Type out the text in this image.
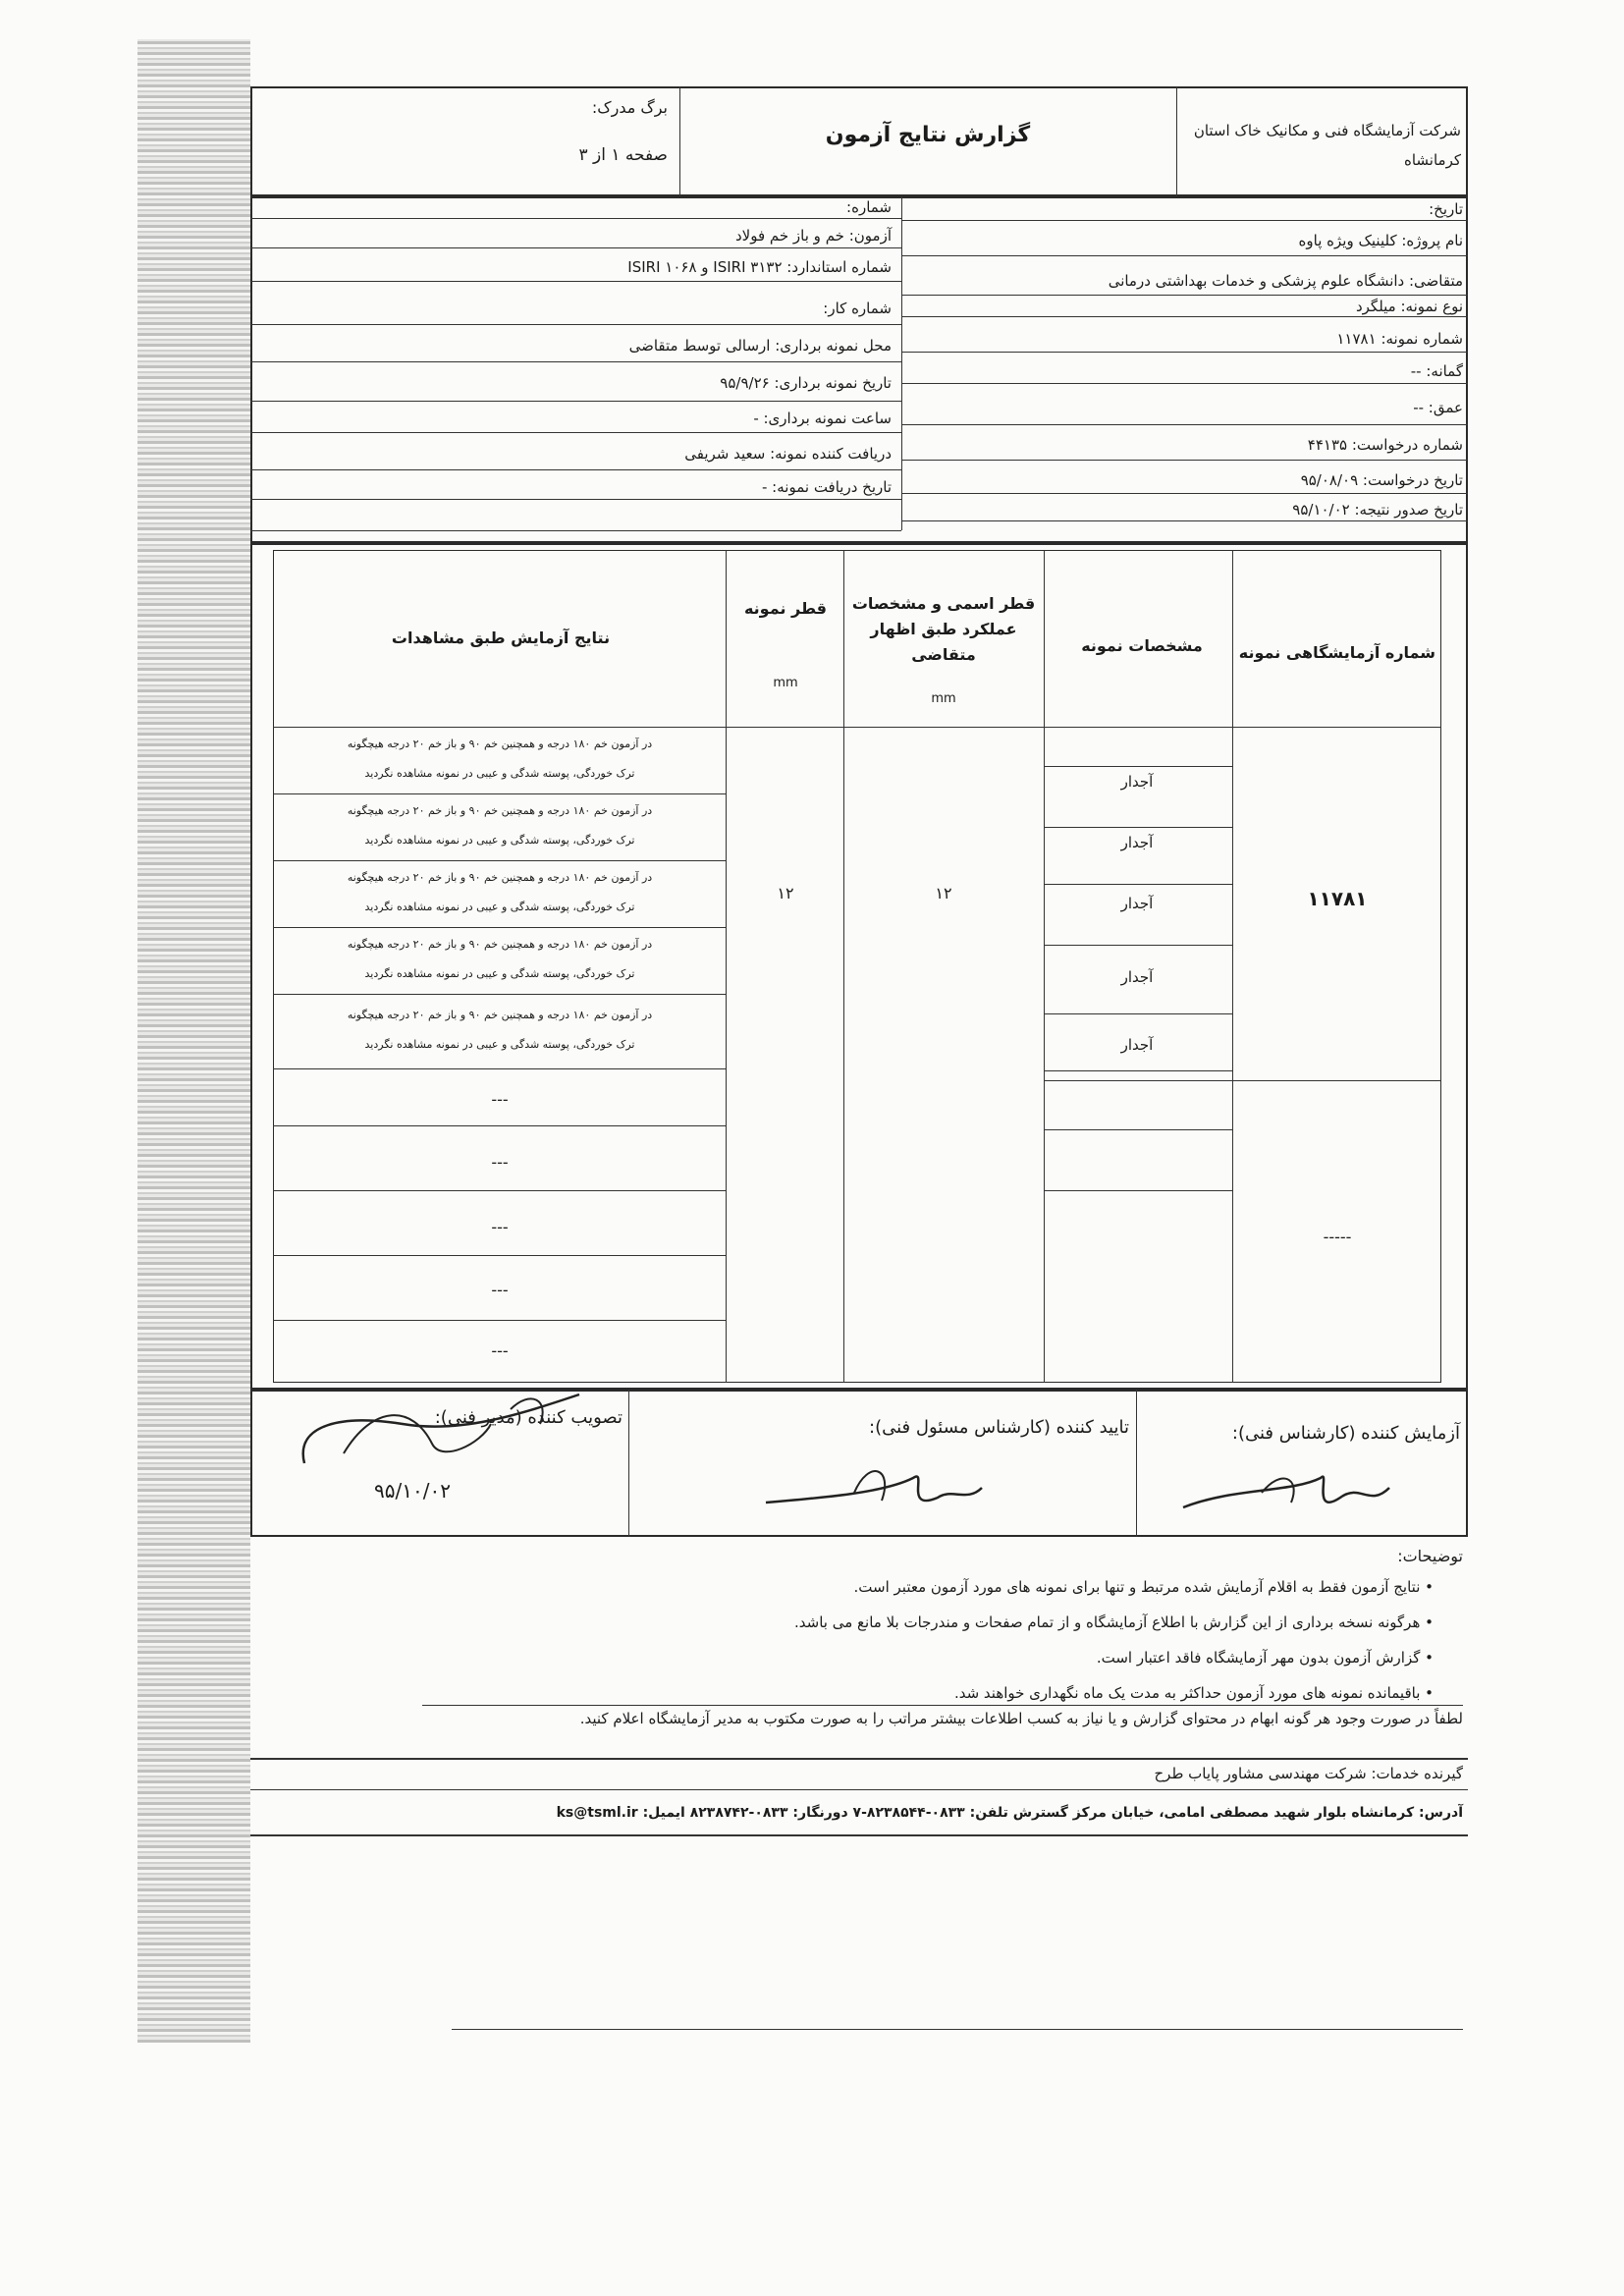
شرکت آزمایشگاه فنی و مکانیک خاک استان کرمانشاه
گزارش نتایج آزمون
برگ مدرک:
صفحه ۱ از ۳
تاریخ:
نام پروژه: کلینیک ویژه پاوه
متقاضی: دانشگاه علوم پزشکی و خدمات بهداشتی درمانی
نوع نمونه: میلگرد
شماره نمونه: ۱۱۷۸۱
گمانه: --
عمق: --
شماره درخواست: ۴۴۱۳۵
تاریخ درخواست: ۹۵/۰۸/۰۹
تاریخ صدور نتیجه: ۹۵/۱۰/۰۲
شماره:
آزمون: خم و باز خم فولاد
شماره استاندارد: ISIRI ۳۱۳۲ و ISIRI ۱۰۶۸
شماره کار:
محل نمونه برداری: ارسالی توسط متقاضی
تاریخ نمونه برداری: ۹۵/۹/۲۶
ساعت نمونه برداری: -
دریافت کننده نمونه: سعید شریفی
تاریخ دریافت نمونه: -
شماره آزمایشگاهی نمونه
مشخصات نمونه
قطر اسمی و مشخصات عملکرد طبق اظهار متقاضی
mm
قطر نمونه
mm
نتایج آزمایش طبق مشاهدات
۱۱۷۸۱
-----
۱۲
۱۲
آجدار
آجدار
آجدار
آجدار
آجدار
در آزمون خم ۱۸۰ درجه و همچنین خم ۹۰ و باز خم ۲۰ درجه هیچگونه
ترک خوردگی، پوسته شدگی و عیبی در نمونه مشاهده نگردید
در آزمون خم ۱۸۰ درجه و همچنین خم ۹۰ و باز خم ۲۰ درجه هیچگونه
ترک خوردگی، پوسته شدگی و عیبی در نمونه مشاهده نگردید
در آزمون خم ۱۸۰ درجه و همچنین خم ۹۰ و باز خم ۲۰ درجه هیچگونه
ترک خوردگی، پوسته شدگی و عیبی در نمونه مشاهده نگردید
در آزمون خم ۱۸۰ درجه و همچنین خم ۹۰ و باز خم ۲۰ درجه هیچگونه
ترک خوردگی، پوسته شدگی و عیبی در نمونه مشاهده نگردید
در آزمون خم ۱۸۰ درجه و همچنین خم ۹۰ و باز خم ۲۰ درجه هیچگونه
ترک خوردگی، پوسته شدگی و عیبی در نمونه مشاهده نگردید
---
---
---
---
---
آزمایش کننده (کارشناس فنی):
تایید کننده (کارشناس مسئول فنی):
تصویب کننده (مدیر فنی):
۹۵/۱۰/۰۲
توضیحات:
• نتایج آزمون فقط به اقلام آزمایش شده مرتبط و تنها برای نمونه های مورد آزمون معتبر است.
• هرگونه نسخه برداری از این گزارش با اطلاع آزمایشگاه و از تمام صفحات و مندرجات بلا مانع می باشد.
• گزارش آزمون بدون مهر آزمایشگاه فاقد اعتبار است.
• باقیمانده نمونه های مورد آزمون حداکثر به مدت یک ماه نگهداری خواهند شد.
لطفاً در صورت وجود هر گونه ابهام در محتوای گزارش و یا نیاز به کسب اطلاعات بیشتر مراتب را به صورت مکتوب به مدیر آزمایشگاه اعلام کنید.
گیرنده خدمات: شرکت مهندسی مشاور پایاب طرح
آدرس: کرمانشاه بلوار شهید مصطفی امامی، خیابان مرکز گسترش تلفن: ۰۸۳۳-۸۲۳۸۵۴۴-۷ دورنگار: ۰۸۳۳-۸۲۳۸۷۴۲ ایمیل: ks@tsml.ir
